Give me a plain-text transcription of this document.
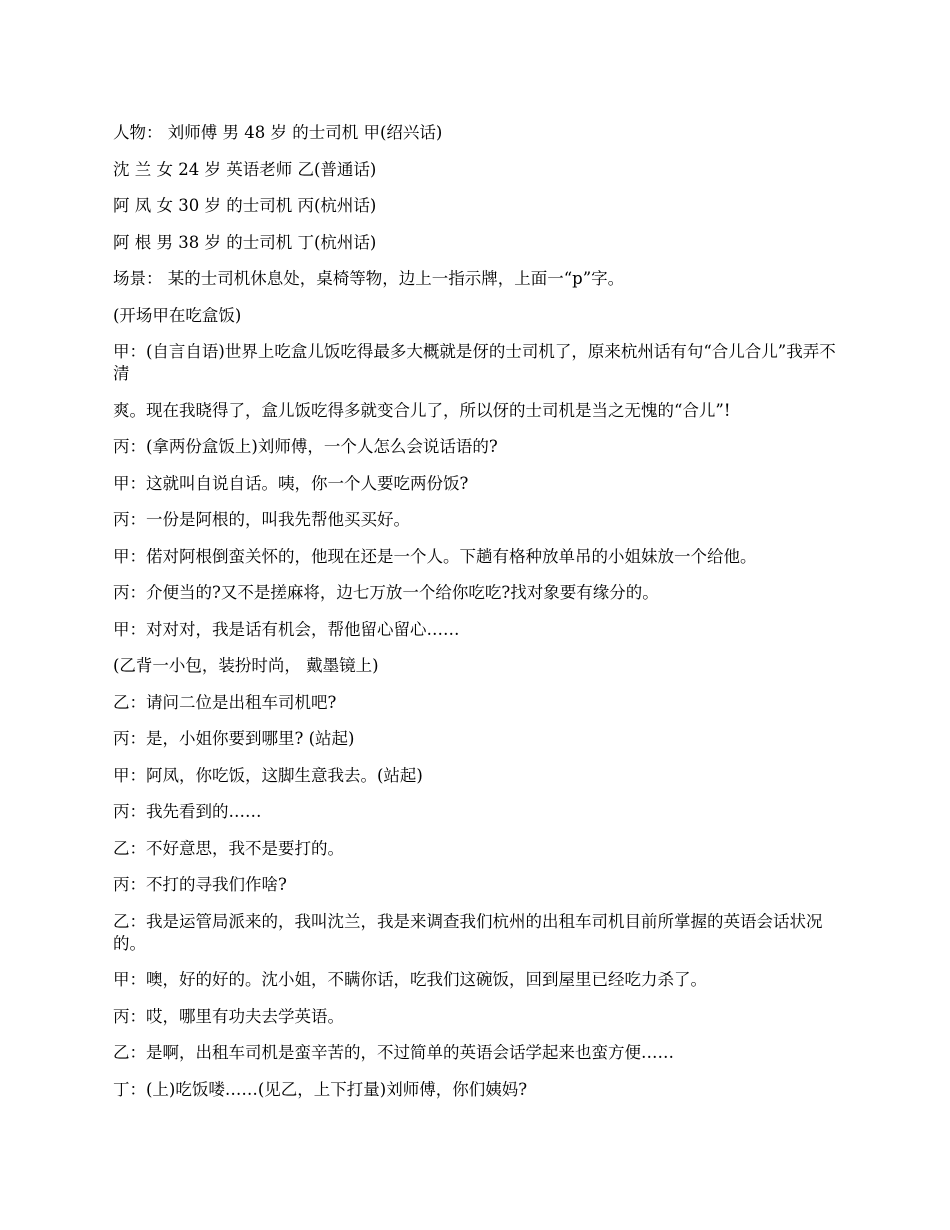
人物： 刘师傅 男 48 岁 的士司机 甲(绍兴话)

沈 兰 女 24 岁 英语老师 乙(普通话)

阿 凤 女 30 岁 的士司机 丙(杭州话)

阿 根 男 38 岁 的士司机 丁(杭州话)

场景： 某的士司机休息处，桌椅等物，边上一指示牌，上面一“p”字。

(开场甲在吃盒饭)

甲：(自言自语)世界上吃盒儿饭吃得最多大概就是伢的士司机了，原来杭州话有句“合儿合儿”我弄不清

爽。现在我晓得了，盒儿饭吃得多就变合儿了，所以伢的士司机是当之无愧的“合儿”!

丙：(拿两份盒饭上)刘师傅，一个人怎么会说话语的?

甲：这就叫自说自话。咦，你一个人要吃两份饭?

丙：一份是阿根的，叫我先帮他买买好。

甲：偌对阿根倒蛮关怀的，他现在还是一个人。下趟有格种放单吊的小姐妹放一个给他。

丙：介便当的?又不是搓麻将，边七万放一个给你吃吃?找对象要有缘分的。

甲：对对对，我是话有机会，帮他留心留心……

(乙背一小包，装扮时尚， 戴墨镜上)

乙：请问二位是出租车司机吧?

丙：是，小姐你要到哪里? (站起)

甲：阿凤，你吃饭，这脚生意我去。(站起)

丙：我先看到的……

乙：不好意思，我不是要打的。

丙：不打的寻我们作啥?

乙：我是运管局派来的，我叫沈兰，我是来调查我们杭州的出租车司机目前所掌握的英语会话状况的。

甲：噢，好的好的。沈小姐，不瞒你话，吃我们这碗饭，回到屋里已经吃力杀了。

丙：哎，哪里有功夫去学英语。

乙：是啊，出租车司机是蛮辛苦的，不过简单的英语会话学起来也蛮方便……

丁：(上)吃饭喽……(见乙，上下打量)刘师傅，你们姨妈?
